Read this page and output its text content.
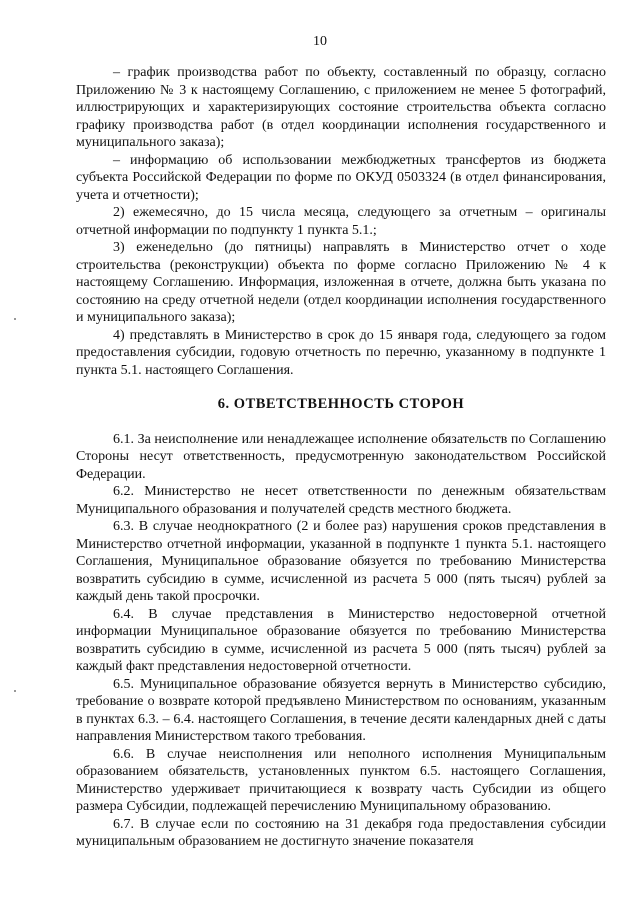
10

– график производства работ по объекту, составленный по образцу, согласно Приложению № 3 к настоящему Соглашению, с приложением не менее 5 фотографий, иллюстрирующих и характеризирующих состояние строительства объекта согласно графику производства работ (в отдел координации исполнения государственного и муниципального заказа);

– информацию об использовании межбюджетных трансфертов из бюджета субъекта Российской Федерации по форме по ОКУД 0503324 (в отдел финансирования, учета и отчетности);

2) ежемесячно, до 15 числа месяца, следующего за отчетным – оригиналы отчетной информации по подпункту 1 пункта 5.1.;

3) еженедельно (до пятницы) направлять в Министерство отчет о ходе строительства (реконструкции) объекта по форме согласно Приложению № 4 к настоящему Соглашению. Информация, изложенная в отчете, должна быть указана по состоянию на среду отчетной недели (отдел координации исполнения государственного и муниципального заказа);

4) представлять в Министерство в срок до 15 января года, следующего за годом предоставления субсидии, годовую отчетность по перечню, указанному в подпункте 1 пункта 5.1. настоящего Соглашения.

6. ОТВЕТСТВЕННОСТЬ СТОРОН

6.1. За неисполнение или ненадлежащее исполнение обязательств по Соглашению Стороны несут ответственность, предусмотренную законодательством Российской Федерации.

6.2. Министерство не несет ответственности по денежным обязательствам Муниципального образования и получателей средств местного бюджета.

6.3. В случае неоднократного (2 и более раз) нарушения сроков представления в Министерство отчетной информации, указанной в подпункте 1 пункта 5.1. настоящего Соглашения, Муниципальное образование обязуется по требованию Министерства возвратить субсидию в сумме, исчисленной из расчета 5 000 (пять тысяч) рублей за каждый день такой просрочки.

6.4. В случае представления в Министерство недостоверной отчетной информации Муниципальное образование обязуется по требованию Министерства возвратить субсидию в сумме, исчисленной из расчета 5 000 (пять тысяч) рублей за каждый факт представления недостоверной отчетности.

6.5. Муниципальное образование обязуется вернуть в Министерство субсидию, требование о возврате которой предъявлено Министерством по основаниям, указанным в пунктах 6.3. – 6.4. настоящего Соглашения, в течение десяти календарных дней с даты направления Министерством такого требования.

6.6. В случае неисполнения или неполного исполнения Муниципальным образованием обязательств, установленных пунктом 6.5. настоящего Соглашения, Министерство удерживает причитающиеся к возврату часть Субсидии из общего размера Субсидии, подлежащей перечислению Муниципальному образованию.

6.7. В случае если по состоянию на 31 декабря года предоставления субсидии муниципальным образованием не достигнуто значение показателя
